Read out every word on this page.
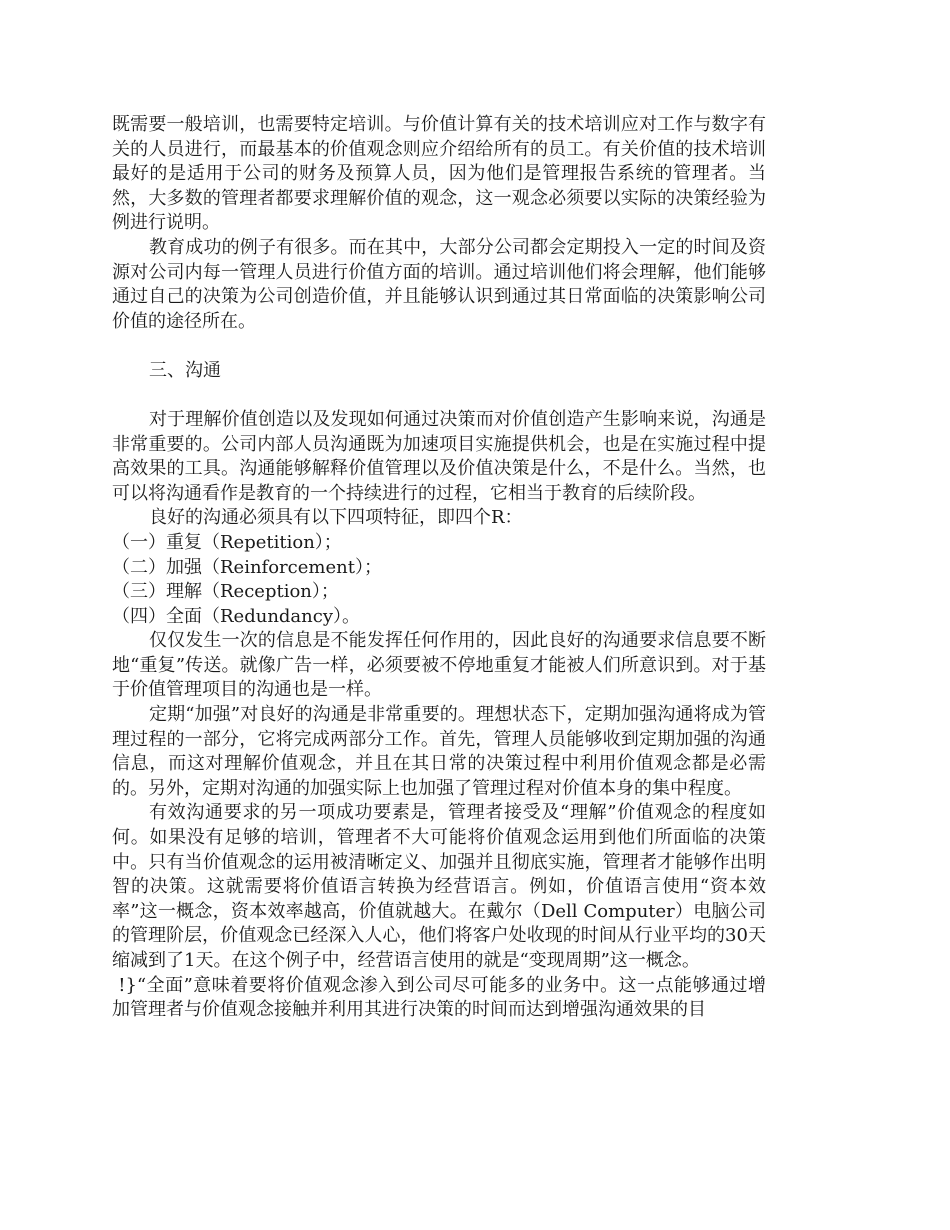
既需要一般培训，也需要特定培训。与价值计算有关的技术培训应对工作与数字有关的人员进行，而最基本的价值观念则应介绍给所有的员工。有关价值的技术培训最好的是适用于公司的财务及预算人员，因为他们是管理报告系统的管理者。当然，大多数的管理者都要求理解价值的观念，这一观念必须要以实际的决策经验为例进行说明。

教育成功的例子有很多。而在其中，大部分公司都会定期投入一定的时间及资源对公司内每一管理人员进行价值方面的培训。通过培训他们将会理解，他们能够通过自己的决策为公司创造价值，并且能够认识到通过其日常面临的决策影响公司价值的途径所在。

三、沟通

对于理解价值创造以及发现如何通过决策而对价值创造产生影响来说，沟通是非常重要的。公司内部人员沟通既为加速项目实施提供机会，也是在实施过程中提高效果的工具。沟通能够解释价值管理以及价值决策是什么，不是什么。当然，也可以将沟通看作是教育的一个持续进行的过程，它相当于教育的后续阶段。

良好的沟通必须具有以下四项特征，即四个R：

（一）重复（Repetition）；

（二）加强（Reinforcement）；

（三）理解（Reception）；

（四）全面（Redundancy）。

仅仅发生一次的信息是不能发挥任何作用的，因此良好的沟通要求信息要不断地“重复”传送。就像广告一样，必须要被不停地重复才能被人们所意识到。对于基于价值管理项目的沟通也是一样。

定期“加强”对良好的沟通是非常重要的。理想状态下，定期加强沟通将成为管理过程的一部分，它将完成两部分工作。首先，管理人员能够收到定期加强的沟通信息，而这对理解价值观念，并且在其日常的决策过程中利用价值观念都是必需的。另外，定期对沟通的加强实际上也加强了管理过程对价值本身的集中程度。

有效沟通要求的另一项成功要素是，管理者接受及“理解”价值观念的程度如何。如果没有足够的培训，管理者不大可能将价值观念运用到他们所面临的决策中。只有当价值观念的运用被清晰定义、加强并且彻底实施，管理者才能够作出明智的决策。这就需要将价值语言转换为经营语言。例如，价值语言使用“资本效率”这一概念，资本效率越高，价值就越大。在戴尔（Dell Computer）电脑公司的管理阶层，价值观念已经深入人心，他们将客户处收现的时间从行业平均的30天缩减到了1天。在这个例子中，经营语言使用的就是“变现周期”这一概念。

!}“全面”意味着要将价值观念渗入到公司尽可能多的业务中。这一点能够通过增加管理者与价值观念接触并利用其进行决策的时间而达到增强沟通效果的目
